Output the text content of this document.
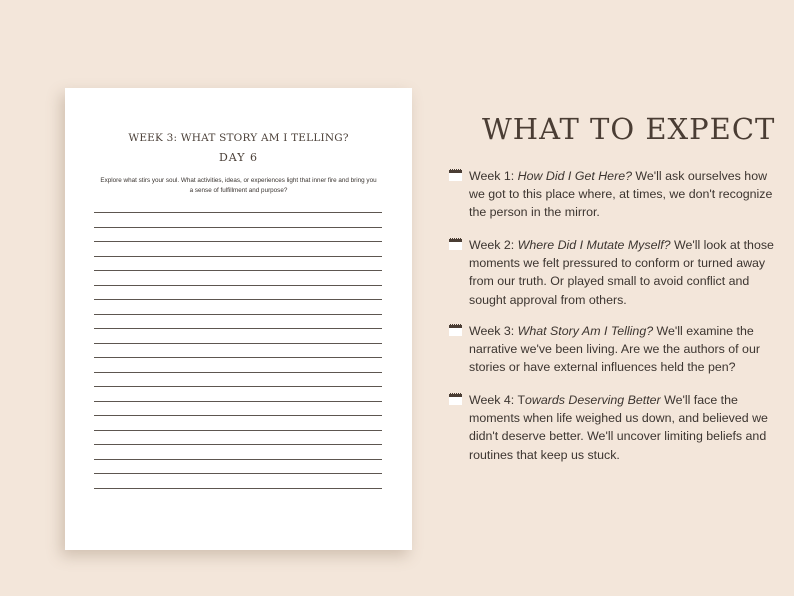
WEEK 3: WHAT STORY AM I TELLING?
DAY 6
Explore what stirs your soul. What activities, ideas, or experiences light that inner fire and bring you a sense of fulfillment and purpose?
WHAT TO EXPECT
Week 1: How Did I Get Here? We'll ask ourselves how we got to this place where, at times, we don't recognize the person in the mirror.
Week 2: Where Did I Mutate Myself? We'll look at those moments we felt pressured to conform or turned away from our truth. Or played small to avoid conflict and sought approval from others.
Week 3: What Story Am I Telling? We'll examine the narrative we've been living. Are we the authors of our stories or have external influences held the pen?
Week 4: Towards Deserving Better We'll face the moments when life weighed us down, and believed we didn't deserve better. We'll uncover limiting beliefs and routines that keep us stuck.
